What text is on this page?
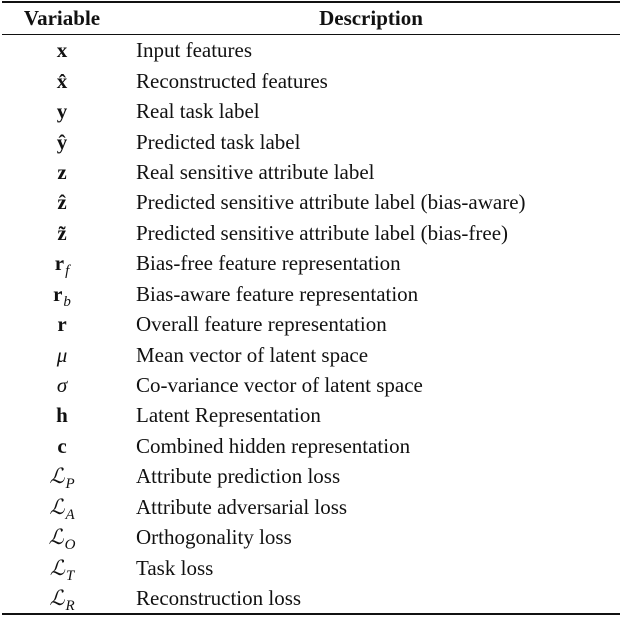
Variable	Description
x	Input features
x̂	Reconstructed features
y	Real task label
ŷ	Predicted task label
z	Real sensitive attribute label
ẑ	Predicted sensitive attribute label (bias-aware)
z̃	Predicted sensitive attribute label (bias-free)
$r_f$	Bias-free feature representation
$r_b$	Bias-aware feature representation
r	Overall feature representation
μ	Mean vector of latent space
σ	Co-variance vector of latent space
h	Latent Representation
c	Combined hidden representation
ℒ$_P$	Attribute prediction loss
ℒ$_A$	Attribute adversarial loss
ℒ$_O$	Orthogonality loss
ℒ$_T$	Task loss
ℒ$_R$	Reconstruction loss
